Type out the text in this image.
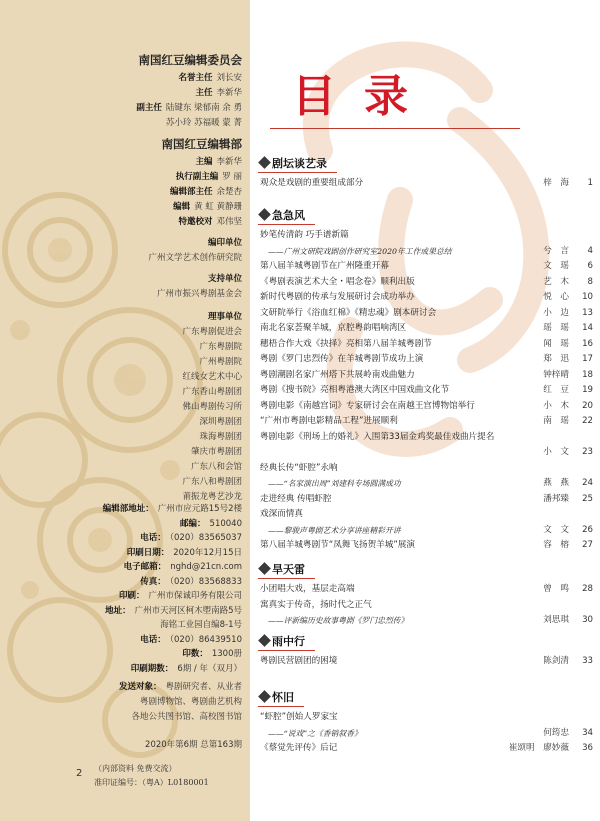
南国红豆编辑委员会
名誉主任 刘长安
主任 李新华
副主任 陆键东 梁郁南 余 勇
苏小玲 苏福暖 蒙 菁
南国红豆编辑部
主编 李新华
执行副主编 罗 丽
编辑部主任 余楚杏
编辑 黄 虹 黄静珊
特邀校对 邓伟坚
编印单位
广州文学艺术创作研究院
支持单位
广州市振兴粤剧基金会
理事单位
广东粤剧促进会
广东粤剧院
广州粤剧院
红线女艺术中心
广东香山粤剧团
佛山粤剧传习所
深圳粤剧团
珠海粤剧团
肇庆市粤剧团
广东八和会馆
广东八和粤剧团
莆振龙粤艺沙龙
编辑部地址： 广州市应元路15号2楼
邮编： 510040
电话： （020）83565037
印刷日期： 2020年12月15日
电子邮箱： nghd@21cn.com
传真： （020）83568833
印刷： 广州市保诚印务有限公司
地址： 广州市天河区柯木塱南路5号
海铭工业园自编8-1号
电话： （020）86439510
印数： 1300册
印刷期数： 6期 / 年（双月）
发送对象： 粤剧研究者、从业者
粤剧博物馆、粤剧曲艺机构
各地公共图书馆、高校图书馆
2020年第6期 总第163期
2 （内部资料 免费交流）
准印证编号：（粤A）L0180001
目录
剧坛谈艺录
观众是戏剧的重要组成部分	梓　海	1
急急风
妙笔传清韵 巧手谱新篇
——广州文研院戏剧创作研究室2020年工作成果总结	兮　言	4
第八届羊城粤剧节在广州隆重开幕	文　瑶	6
《粤剧表演艺术大全・唱念卷》顺利出版	艺　木	8
新时代粤剧的传承与发展研讨会成功举办	悦　心	10
文研院举行《浴血红棉》《精忠魂》剧本研讨会	小　边	13
南北名家荟聚羊城，京腔粤韵唱响湾区	瑶　瑶	14
穗梧合作大戏《抉择》亮相第八届羊城粤剧节	闻　瑶	16
粤剧《罗门忠烈传》在羊城粤剧节成功上演	郑　迅	17
粤剧潮剧名家广州塔下共展岭南戏曲魅力	钟梓晴	18
粤剧《搜书院》亮相粤港澳大湾区中国戏曲文化节	红　豆	19
粤剧电影《南越宫词》专家研讨会在南越王宫博物馆举行	小　木	20
“广州市粤剧电影精品工程”进展顺利	南　瑶	22
粤剧电影《刑场上的婚礼》入围第33届金鸡奖最佳戏曲片提名
小　文	23
经典长传“虾腔”永响
——“名家演出周”刘建科专场圆满成功	燕　燕	24
走进经典 传唱虾腔	潘邦臻	25
戏深而情真
——黎骏声粤剧艺术分享讲座精彩开讲	文　文	26
第八届羊城粤剧节“凤舞飞扬贺羊城”展演	容　榕	27
旱天雷
小团唱大戏，基层走高端	曾　鸣	28
寓真实于传奇，扬时代之正气
——评新编历史故事粤剧《罗门忠烈传》	刘思琪	30
雨中行
粤剧民营剧团的困境	陈剑清	33
怀旧
“虾腔”创始人罗家宝
——“说戏”之《香销叙香》	何筠忠	34
《蔡觉先评传》后记	崔颂明　廖妙薇	36
